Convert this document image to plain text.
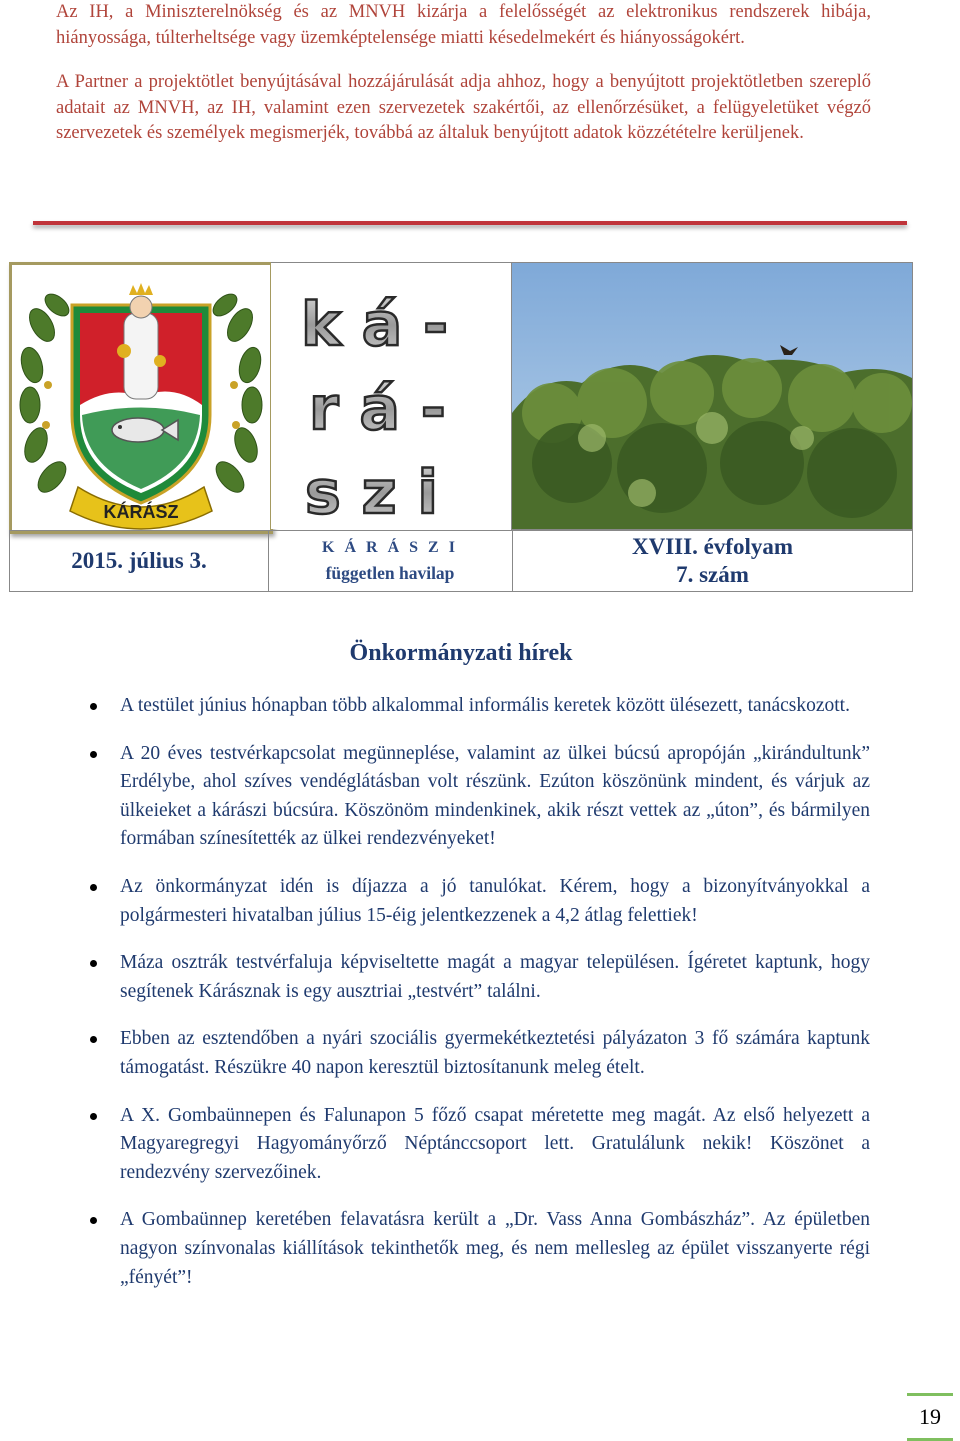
Az IH, a Miniszterelnökség és az MNVH kizárja a felelősségét az elektronikus rendszerek hibája, hiányossága, túlterheltsége vagy üzemképtelensége miatti késedelmekért és hiányosságokért.

A Partner a projektötlet benyújtásával hozzájárulását adja ahhoz, hogy a benyújtott projektötletben szereplő adatait az MNVH, az IH, valamint ezen szervezetek szakértői, az ellenőrzésüket, a felügyeletüket végző szervezetek és személyek megismerjék, továbbá az általuk benyújtott adatok közzétételre kerüljenek.

KÁRÁSZ
k á -
r á -
s z i
2015. július 3.
K Á R Á S Z I
független havilap
XVIII. évfolyam
7. szám
Önkormányzati hírek
A testület június hónapban több alkalommal informális keretek között ülésezett, tanácskozott.
A 20 éves testvérkapcsolat megünneplése, valamint az ülkei búcsú apropóján „kirándultunk” Erdélybe, ahol szíves vendéglátásban volt részünk. Ezúton köszönünk mindent, és várjuk az ülkeieket a kárászi búcsúra. Köszönöm mindenkinek, akik részt vettek az „úton”, és bármilyen formában színesítették az ülkei rendezvényeket!
Az önkormányzat idén is díjazza a jó tanulókat. Kérem, hogy a bizonyítványokkal a polgármesteri hivatalban július 15-éig jelentkezzenek a 4,2 átlag felettiek!
Máza osztrák testvérfaluja képviseltette magát a magyar településen. Ígéretet kaptunk, hogy segítenek Kárásznak is egy ausztriai „testvért” találni.
Ebben az esztendőben a nyári szociális gyermekétkeztetési pályázaton 3 fő számára kaptunk támogatást. Részükre 40 napon keresztül biztosítanunk meleg ételt.
A X. Gombaünnepen és Falunapon 5 főző csapat méretette meg magát. Az első helyezett a Magyaregregyi Hagyományőrző Néptánccsoport lett. Gratulálunk nekik! Köszönet a rendezvény szervezőinek.
A Gombaünnep keretében felavatásra került a „Dr. Vass Anna Gombászház”. Az épületben nagyon színvonalas kiállítások tekinthetők meg, és nem mellesleg az épület visszanyerte régi „fényét”!
19
